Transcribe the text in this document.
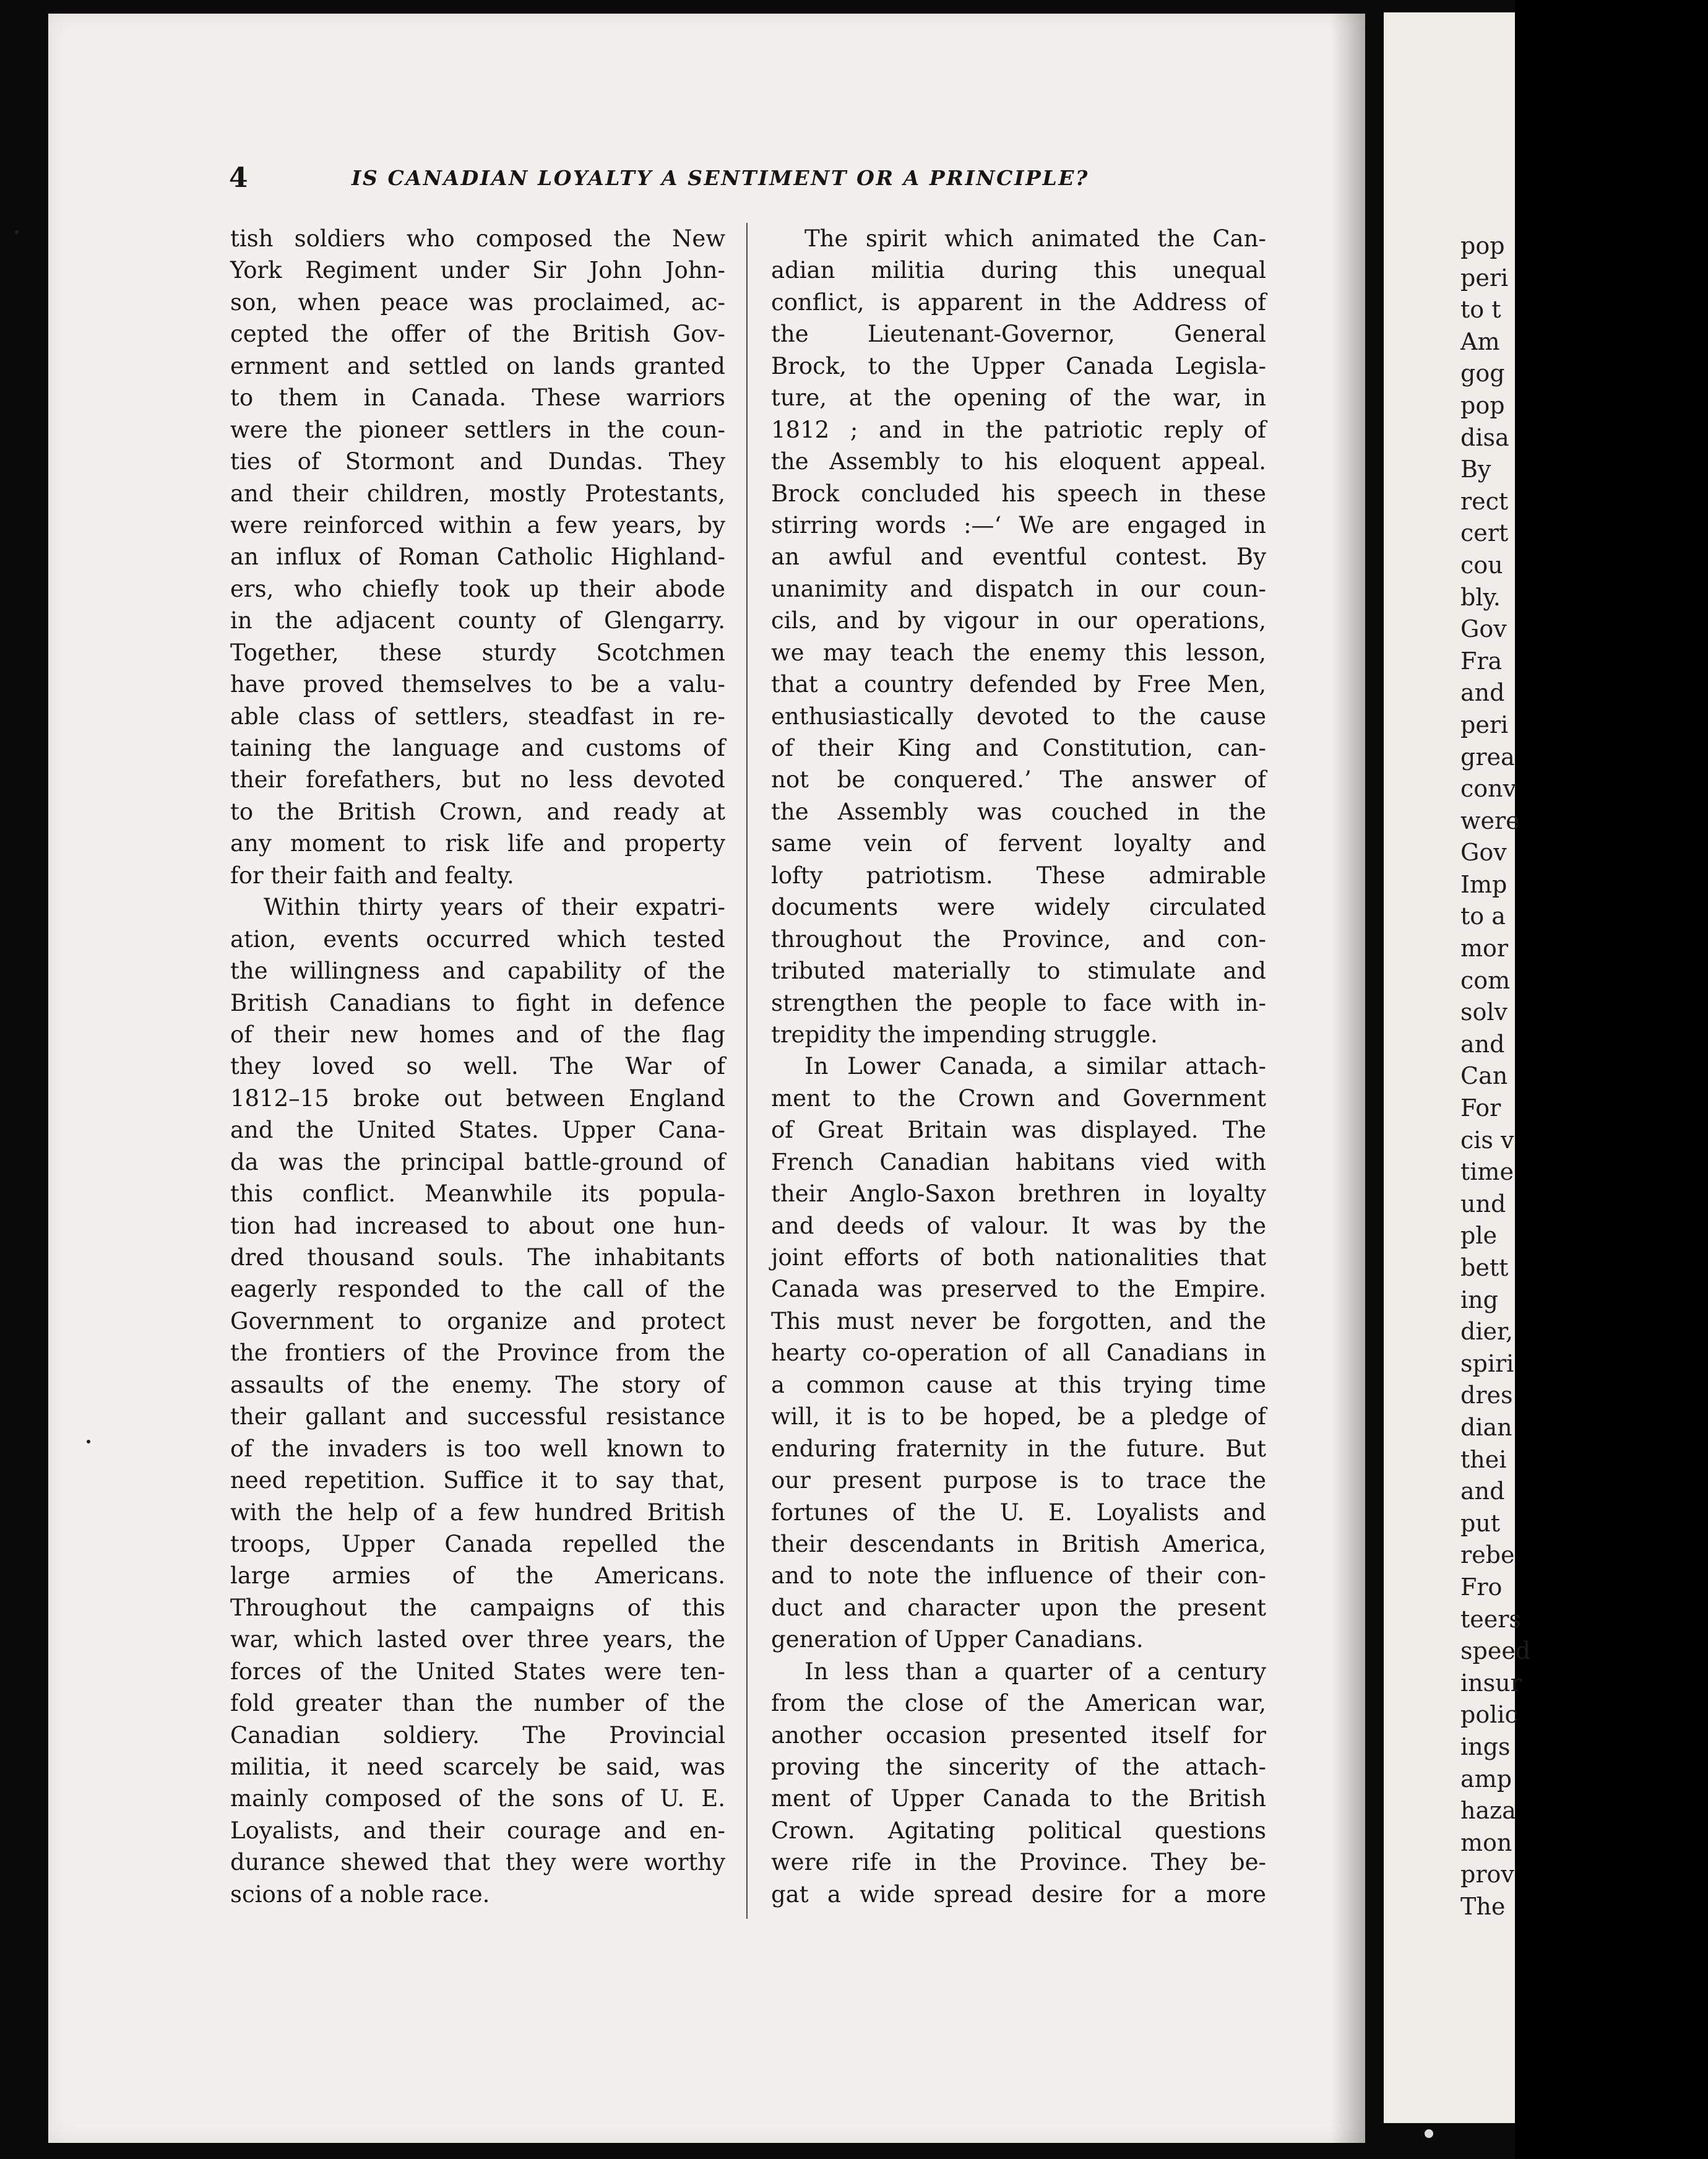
pop
peri
to t
Am
gog
pop
disa
By
rect
cert
cou
bly.
Gov
Fra
and
peri
grea
conv
were
Gov
Imp
to a
mor
com
solv
and
Can
For
cis v
time
und
ple
bett
ing
dier,
spiri
dres
dian
thei
and
put
rebe
Fro
teers
speed
insur
polic
ings
amp
haza
mon
prov
The
4	IS CANADIAN LOYALTY A SENTIMENT OR A PRINCIPLE?
tish soldiers who composed the New
York Regiment under Sir John John-
son, when peace was proclaimed, ac-
cepted the offer of the British Gov-
ernment and settled on lands granted
to them in Canada. These warriors
were the pioneer settlers in the coun-
ties of Stormont and Dundas. They
and their children, mostly Protestants,
were reinforced within a few years, by
an influx of Roman Catholic Highland-
ers, who chiefly took up their abode
in the adjacent county of Glengarry.
Together, these sturdy Scotchmen
have proved themselves to be a valu-
able class of settlers, steadfast in re-
taining the language and customs of
their forefathers, but no less devoted
to the British Crown, and ready at
any moment to risk life and property
for their faith and fealty.
Within thirty years of their expatri-
ation, events occurred which tested
the willingness and capability of the
British Canadians to fight in defence
of their new homes and of the flag
they loved so well. The War of
1812–15 broke out between England
and the United States. Upper Cana-
da was the principal battle-ground of
this conflict. Meanwhile its popula-
tion had increased to about one hun-
dred thousand souls. The inhabitants
eagerly responded to the call of the
Government to organize and protect
the frontiers of the Province from the
assaults of the enemy. The story of
their gallant and successful resistance
of the invaders is too well known to
need repetition. Suffice it to say that,
with the help of a few hundred British
troops, Upper Canada repelled the
large armies of the Americans.
Throughout the campaigns of this
war, which lasted over three years, the
forces of the United States were ten-
fold greater than the number of the
Canadian soldiery. The Provincial
militia, it need scarcely be said, was
mainly composed of the sons of U. E.
Loyalists, and their courage and en-
durance shewed that they were worthy
scions of a noble race.
The spirit which animated the Can-
adian militia during this unequal
conflict, is apparent in the Address of
the Lieutenant-Governor, General
Brock, to the Upper Canada Legisla-
ture, at the opening of the war, in
1812 ; and in the patriotic reply of
the Assembly to his eloquent appeal.
Brock concluded his speech in these
stirring words :—‘ We are engaged in
an awful and eventful contest. By
unanimity and dispatch in our coun-
cils, and by vigour in our operations,
we may teach the enemy this lesson,
that a country defended by Free Men,
enthusiastically devoted to the cause
of their King and Constitution, can-
not be conquered.’ The answer of
the Assembly was couched in the
same vein of fervent loyalty and
lofty patriotism. These admirable
documents were widely circulated
throughout the Province, and con-
tributed materially to stimulate and
strengthen the people to face with in-
trepidity the impending struggle.
In Lower Canada, a similar attach-
ment to the Crown and Government
of Great Britain was displayed. The
French Canadian habitans vied with
their Anglo-Saxon brethren in loyalty
and deeds of valour. It was by the
joint efforts of both nationalities that
Canada was preserved to the Empire.
This must never be forgotten, and the
hearty co-operation of all Canadians in
a common cause at this trying time
will, it is to be hoped, be a pledge of
enduring fraternity in the future. But
our present purpose is to trace the
fortunes of the U. E. Loyalists and
their descendants in British America,
and to note the influence of their con-
duct and character upon the present
generation of Upper Canadians.
In less than a quarter of a century
from the close of the American war,
another occasion presented itself for
proving the sincerity of the attach-
ment of Upper Canada to the British
Crown. Agitating political questions
were rife in the Province. They be-
gat a wide spread desire for a more
